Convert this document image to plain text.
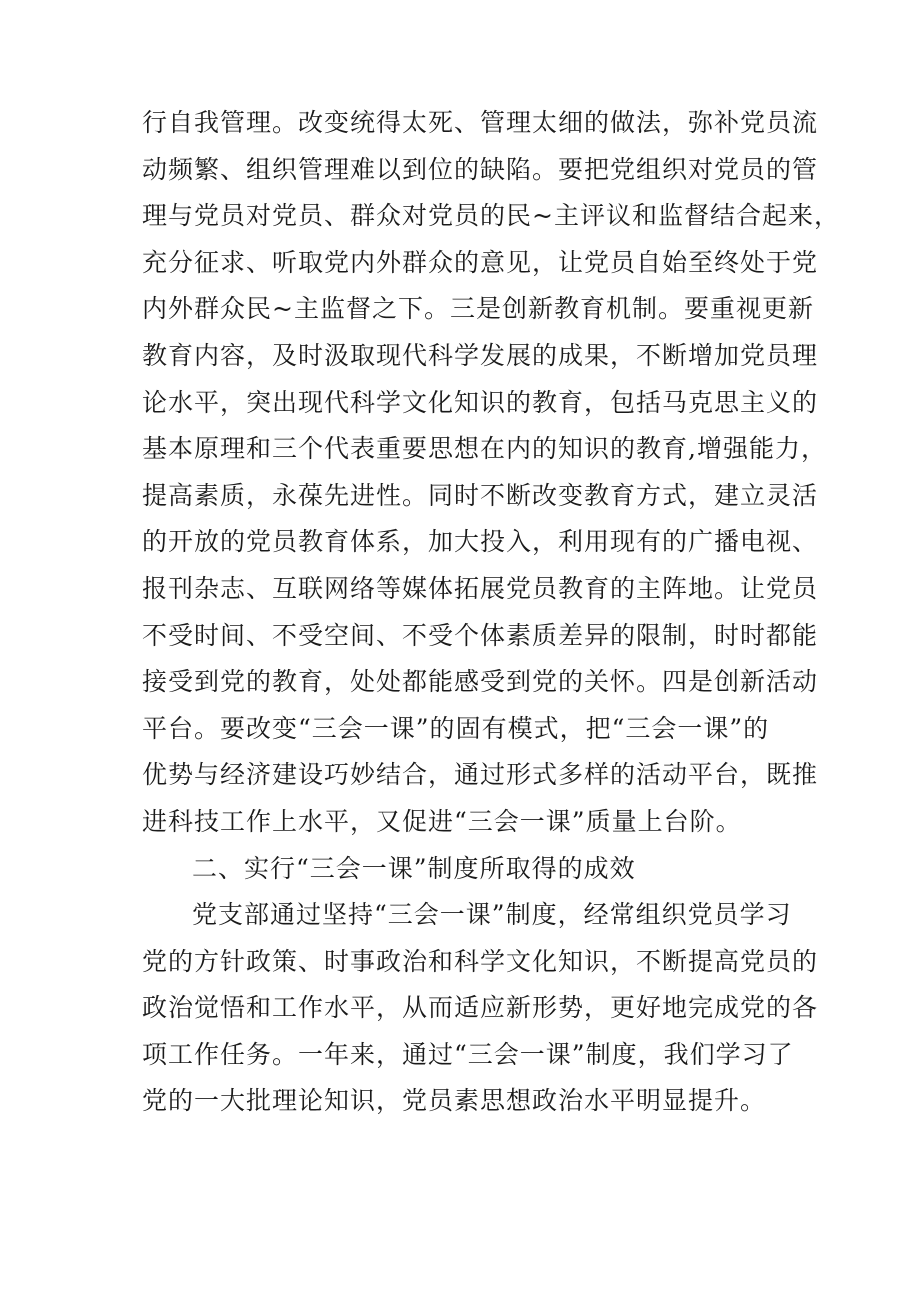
行自我管理。改变统得太死、管理太细的做法，弥补党员流
动频繁、组织管理难以到位的缺陷。要把党组织对党员的管
理与党员对党员、群众对党员的民~主评议和监督结合起来，
充分征求、听取党内外群众的意见，让党员自始至终处于党
内外群众民~主监督之下。三是创新教育机制。要重视更新
教育内容，及时汲取现代科学发展的成果，不断增加党员理
论水平，突出现代科学文化知识的教育，包括马克思主义的
基本原理和三个代表重要思想在内的知识的教育,增强能力，
提高素质，永葆先进性。同时不断改变教育方式，建立灵活
的开放的党员教育体系，加大投入，利用现有的广播电视、
报刊杂志、互联网络等媒体拓展党员教育的主阵地。让党员
不受时间、不受空间、不受个体素质差异的限制，时时都能
接受到党的教育，处处都能感受到党的关怀。四是创新活动
平台。要改变“三会一课”的固有模式，把“三会一课”的
优势与经济建设巧妙结合，通过形式多样的活动平台，既推
进科技工作上水平，又促进“三会一课”质量上台阶。
二、实行“三会一课”制度所取得的成效
党支部通过坚持“三会一课”制度，经常组织党员学习
党的方针政策、时事政治和科学文化知识，不断提高党员的
政治觉悟和工作水平，从而适应新形势，更好地完成党的各
项工作任务。一年来，通过“三会一课”制度，我们学习了
党的一大批理论知识，党员素思想政治水平明显提升。
